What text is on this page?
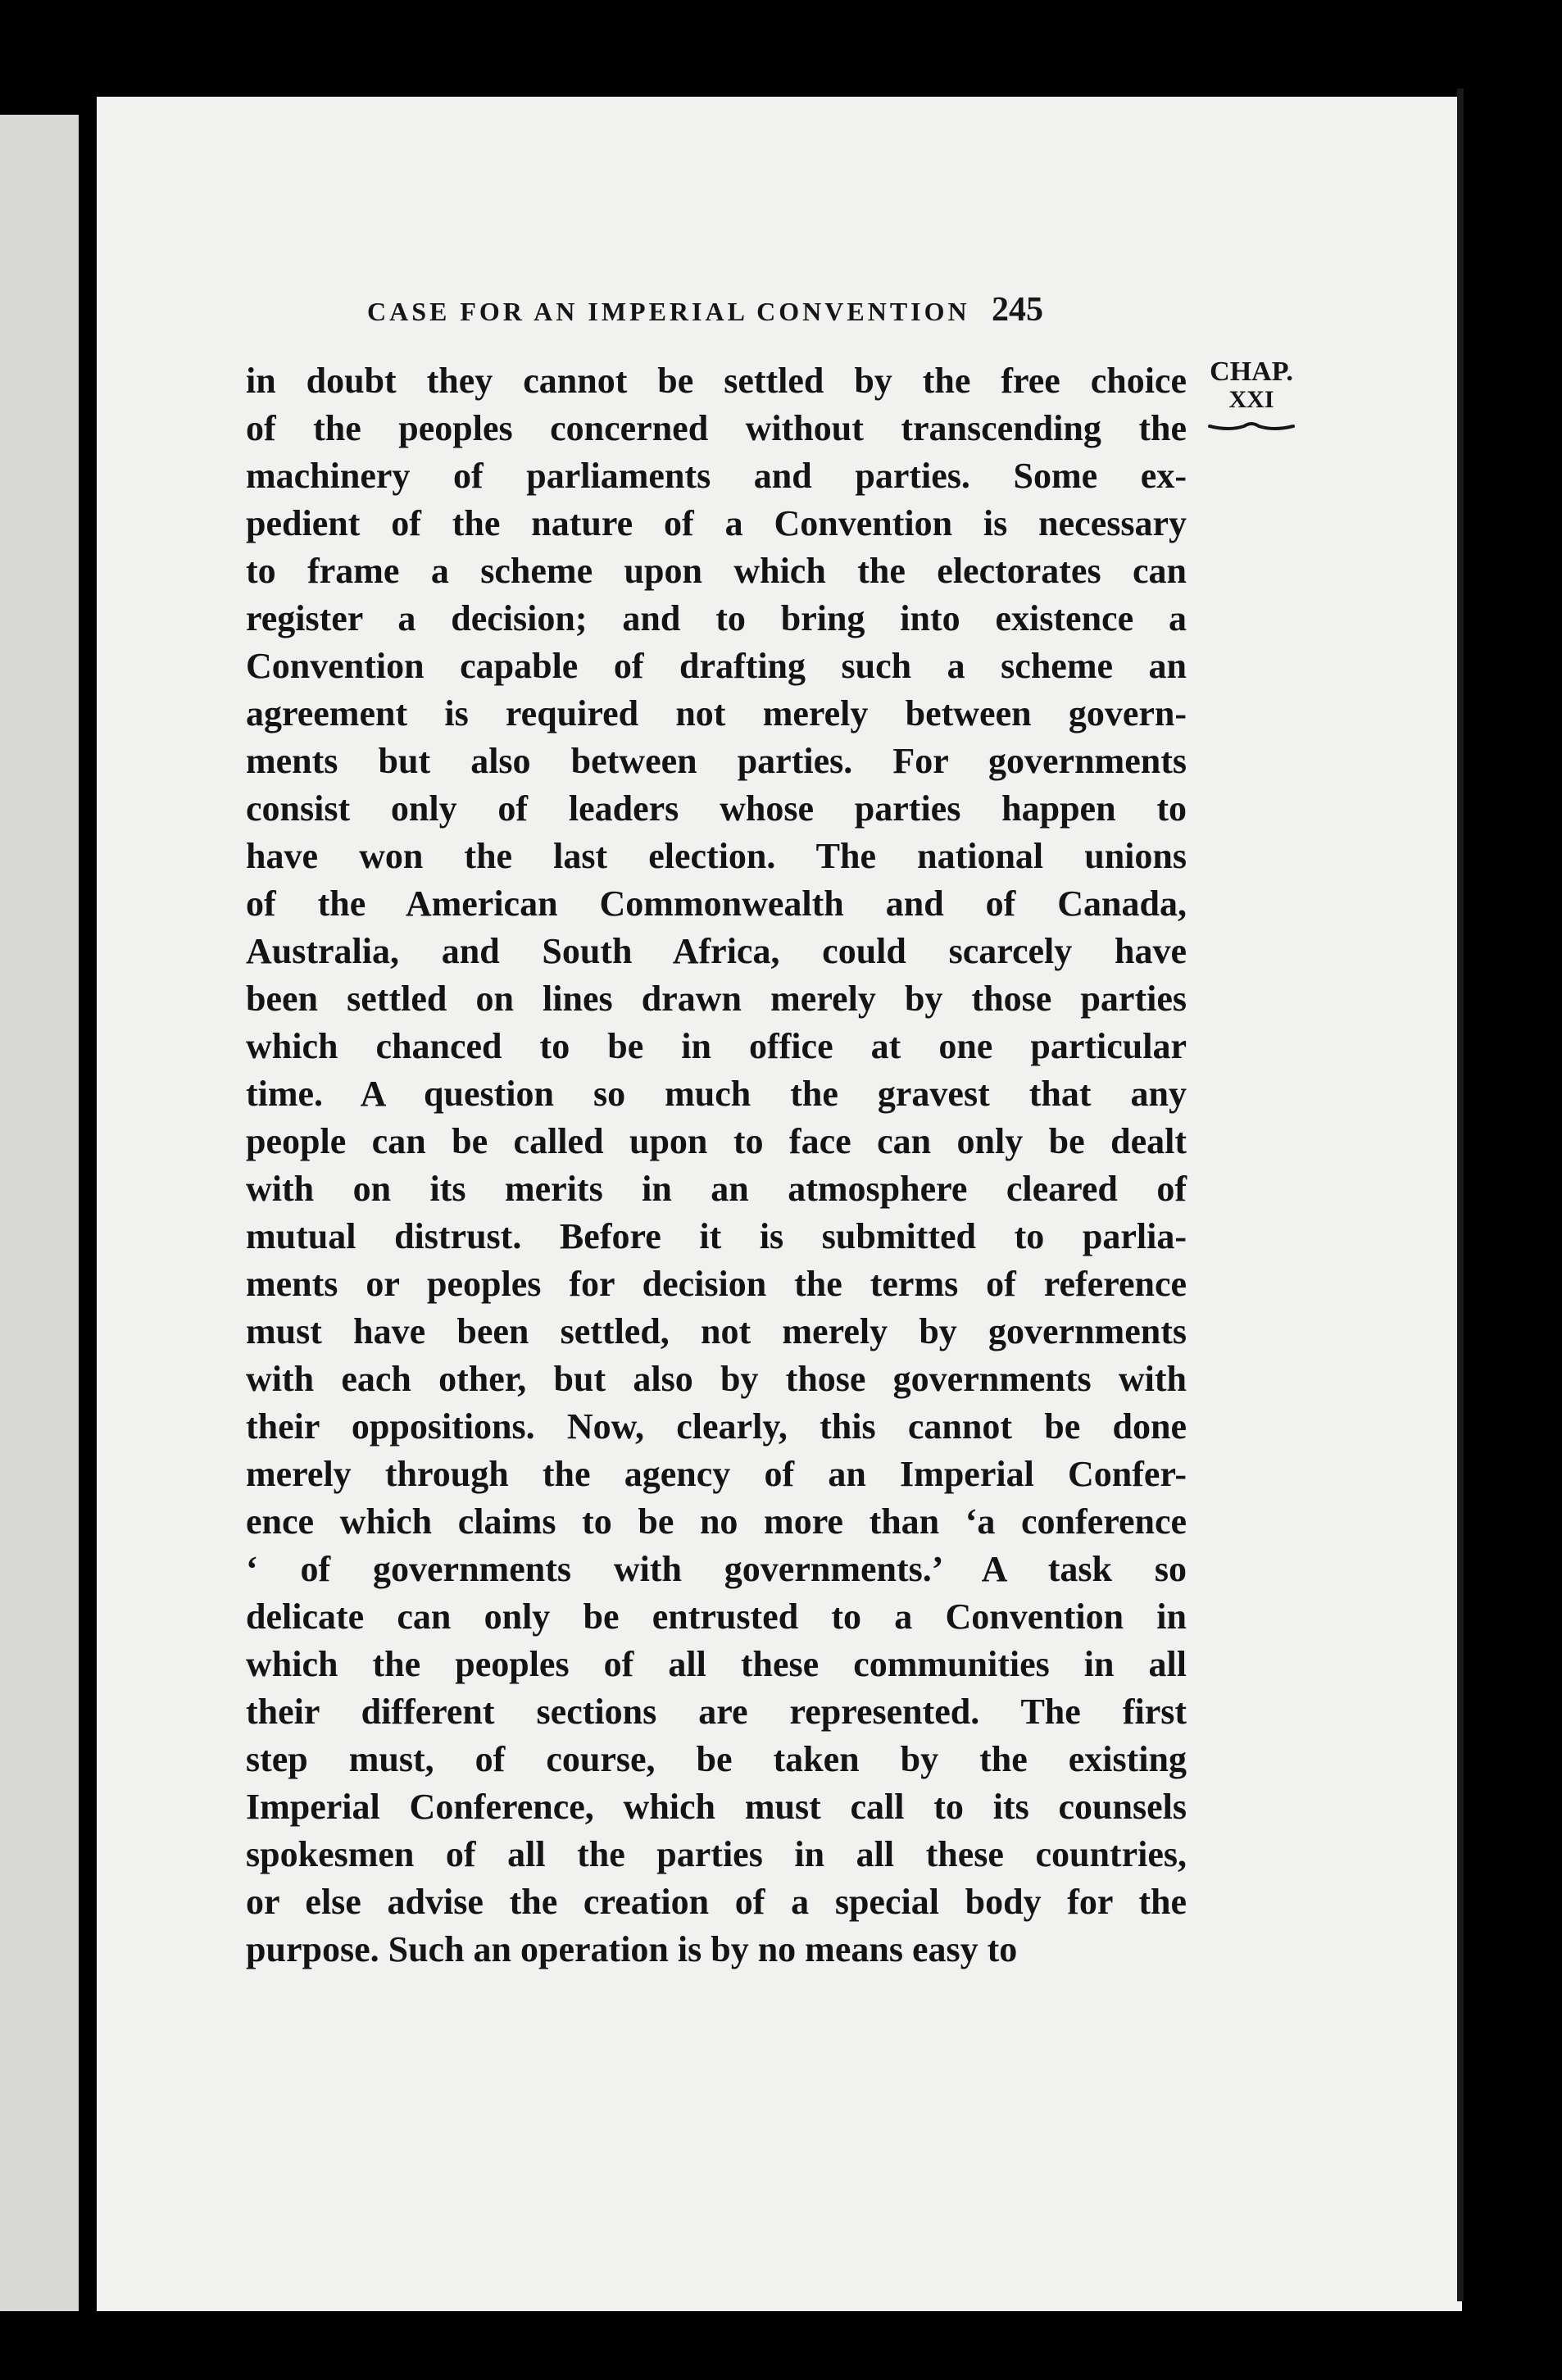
CASE FOR AN IMPERIAL CONVENTION 245
CHAP.
XXI

in doubt they cannot be settled by the free choice
of the peoples concerned without transcending the
machinery of parliaments and parties. Some ex-
pedient of the nature of a Convention is necessary
to frame a scheme upon which the electorates can
register a decision; and to bring into existence a
Convention capable of drafting such a scheme an
agreement is required not merely between govern-
ments but also between parties. For governments
consist only of leaders whose parties happen to
have won the last election. The national unions
of the American Commonwealth and of Canada,
Australia, and South Africa, could scarcely have
been settled on lines drawn merely by those parties
which chanced to be in office at one particular
time. A question so much the gravest that any
people can be called upon to face can only be dealt
with on its merits in an atmosphere cleared of
mutual distrust. Before it is submitted to parlia-
ments or peoples for decision the terms of reference
must have been settled, not merely by governments
with each other, but also by those governments with
their oppositions. Now, clearly, this cannot be done
merely through the agency of an Imperial Confer-
ence which claims to be no more than ‘a conference
‘ of governments with governments.’ A task so
delicate can only be entrusted to a Convention in
which the peoples of all these communities in all
their different sections are represented. The first
step must, of course, be taken by the existing
Imperial Conference, which must call to its counsels
spokesmen of all the parties in all these countries,
or else advise the creation of a special body for the
purpose. Such an operation is by no means easy to
